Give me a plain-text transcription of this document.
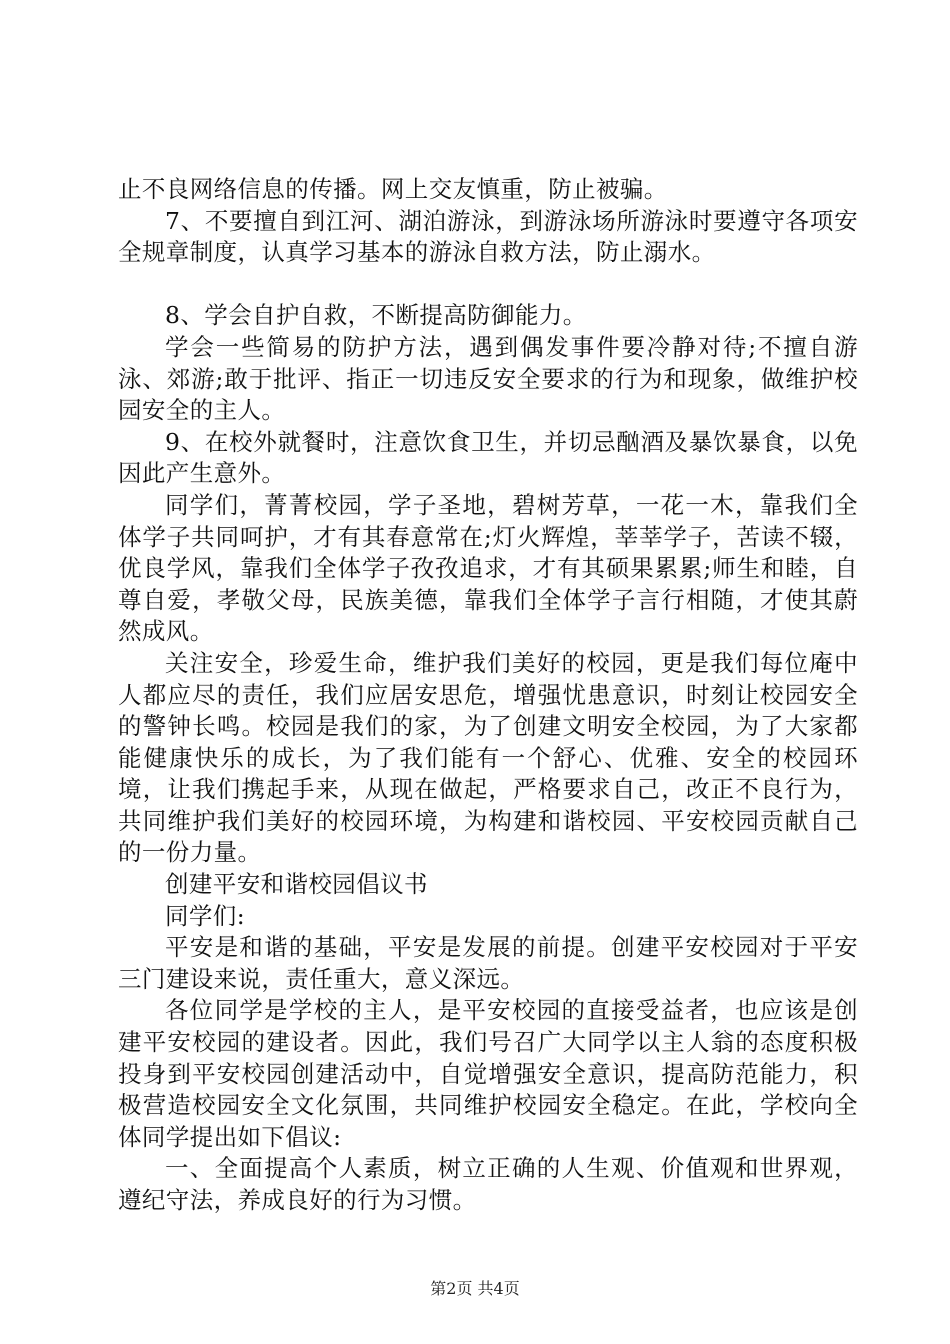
止不良网络信息的传播。网上交友慎重，防止被骗。

7、不要擅自到江河、湖泊游泳，到游泳场所游泳时要遵守各项安全规章制度，认真学习基本的游泳自救方法，防止溺水。

8、学会自护自救，不断提高防御能力。

学会一些简易的防护方法，遇到偶发事件要冷静对待;不擅自游泳、郊游;敢于批评、指正一切违反安全要求的行为和现象，做维护校园安全的主人。

9、在校外就餐时，注意饮食卫生，并切忌酗酒及暴饮暴食，以免因此产生意外。

同学们，菁菁校园，学子圣地，碧树芳草，一花一木，靠我们全体学子共同呵护，才有其春意常在;灯火辉煌，莘莘学子，苦读不辍，优良学风，靠我们全体学子孜孜追求，才有其硕果累累;师生和睦，自尊自爱，孝敬父母，民族美德，靠我们全体学子言行相随，才使其蔚然成风。

关注安全，珍爱生命，维护我们美好的校园，更是我们每位庵中人都应尽的责任，我们应居安思危，增强忧患意识，时刻让校园安全的警钟长鸣。校园是我们的家，为了创建文明安全校园，为了大家都能健康快乐的成长，为了我们能有一个舒心、优雅、安全的校园环境，让我们携起手来，从现在做起，严格要求自己，改正不良行为，共同维护我们美好的校园环境，为构建和谐校园、平安校园贡献自己的一份力量。

创建平安和谐校园倡议书

同学们:

平安是和谐的基础，平安是发展的前提。创建平安校园对于平安三门建设来说，责任重大，意义深远。

各位同学是学校的主人，是平安校园的直接受益者，也应该是创建平安校园的建设者。因此，我们号召广大同学以主人翁的态度积极投身到平安校园创建活动中，自觉增强安全意识，提高防范能力，积极营造校园安全文化氛围，共同维护校园安全稳定。在此，学校向全体同学提出如下倡议:

一、全面提高个人素质，树立正确的人生观、价值观和世界观，遵纪守法，养成良好的行为习惯。

第2页 共4页
